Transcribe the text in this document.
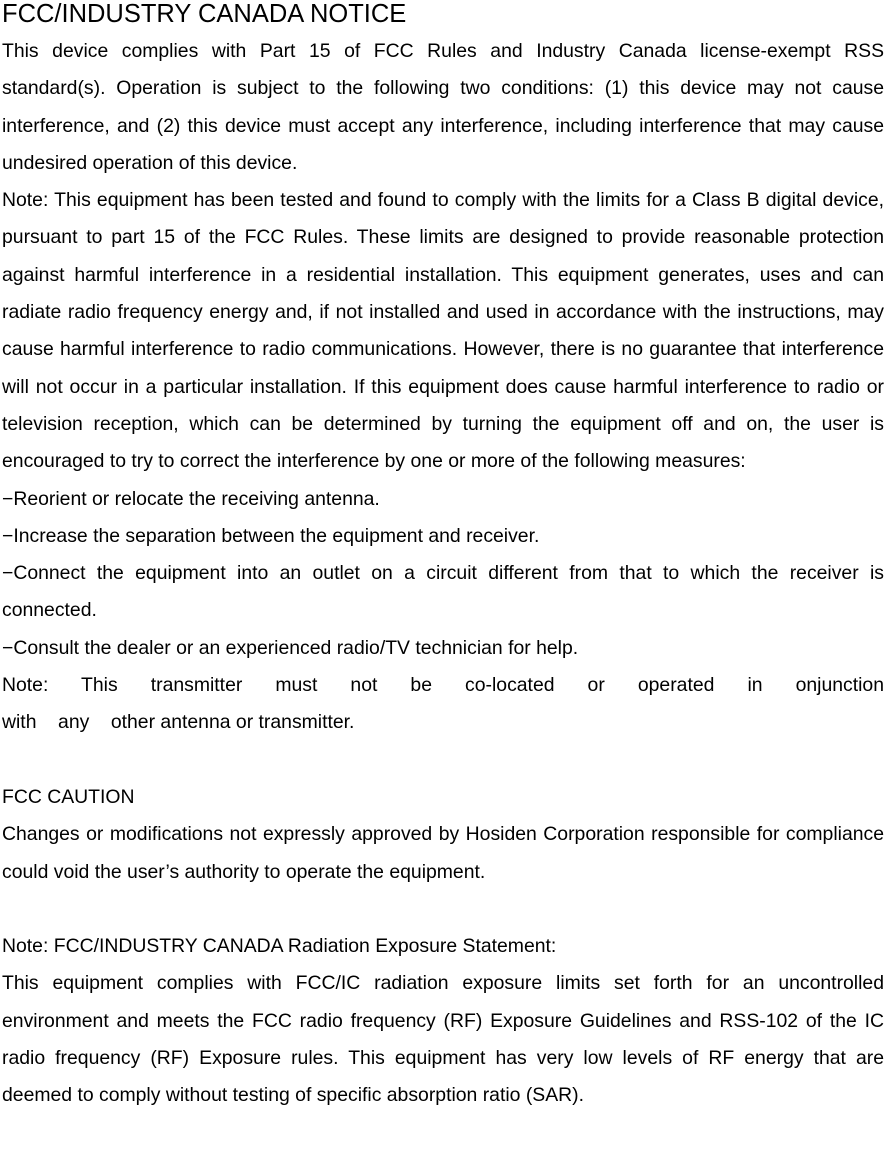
FCC/INDUSTRY CANADA NOTICE

This device complies with Part 15 of FCC Rules and Industry Canada license-exempt RSS standard(s). Operation is subject to the following two conditions: (1) this device may not cause interference, and (2) this device must accept any interference, including interference that may cause undesired operation of this device.

Note: This equipment has been tested and found to comply with the limits for a Class B digital device, pursuant to part 15 of the FCC Rules. These limits are designed to provide reasonable protection against harmful interference in a residential installation. This equipment generates, uses and can radiate radio frequency energy and, if not installed and used in accordance with the instructions, may cause harmful interference to radio communications. However, there is no guarantee that interference will not occur in a particular installation. If this equipment does cause harmful interference to radio or television reception, which can be determined by turning the equipment off and on, the user is encouraged to try to correct the interference by one or more of the following measures:

−Reorient or relocate the receiving antenna.

−Increase the separation between the equipment and receiver.

−Connect the equipment into an outlet on a circuit different from that to which the receiver is connected.

−Consult the dealer or an experienced radio/TV technician for help.

Note: This transmitter must not be co-located or operated in onjunction

with    any    other antenna or transmitter.

FCC CAUTION

Changes or modifications not expressly approved by Hosiden Corporation responsible for compliance could void the user’s authority to operate the equipment.

Note: FCC/INDUSTRY CANADA Radiation Exposure Statement:

This equipment complies with FCC/IC radiation exposure limits set forth for an uncontrolled environment and meets the FCC radio frequency (RF) Exposure Guidelines and RSS-102 of the IC radio frequency (RF) Exposure rules. This equipment has very low levels of RF energy that are deemed to comply without testing of specific absorption ratio (SAR).
